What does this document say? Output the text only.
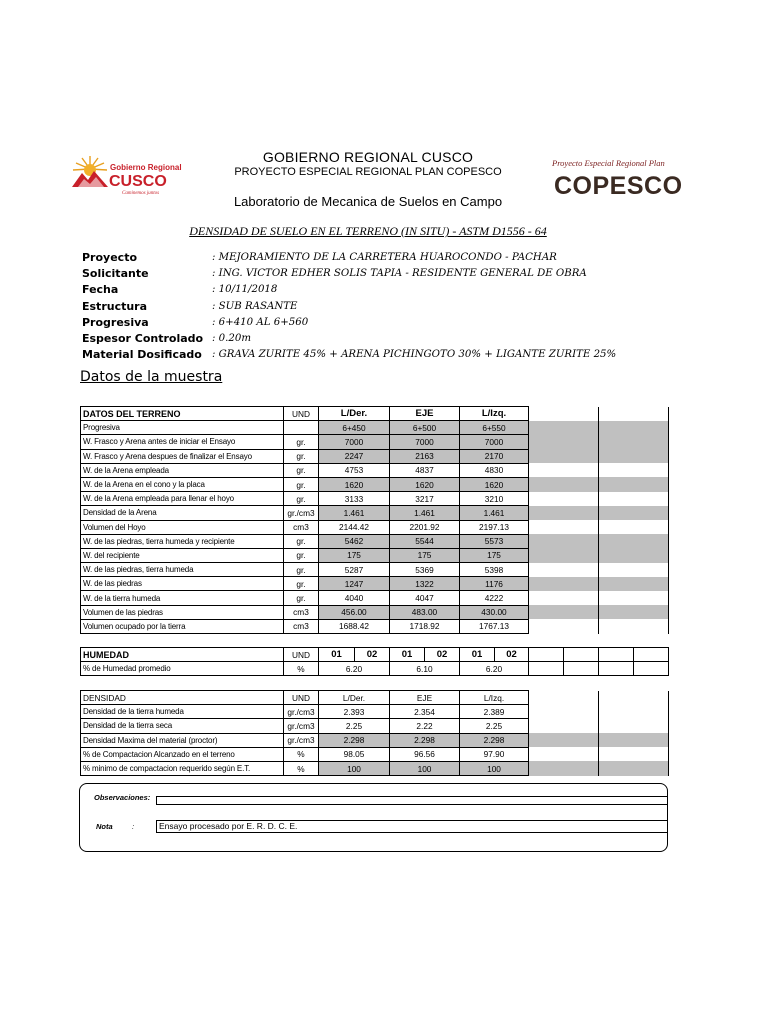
Gobierno Regional
CUSCO
Caminemos juntos
Proyecto Especial Regional Plan
COPESCO
GOBIERNO REGIONAL CUSCO
PROYECTO ESPECIAL REGIONAL PLAN COPESCO
Laboratorio de Mecanica de Suelos en Campo
DENSIDAD DE SUELO EN EL TERRENO (IN SITU) - ASTM D1556 - 64
Proyecto	: MEJORAMIENTO DE LA CARRETERA HUAROCONDO - PACHAR
Solicitante	: ING. VICTOR EDHER SOLIS TAPIA - RESIDENTE GENERAL DE OBRA
Fecha	: 10/11/2018
Estructura	: SUB RASANTE
Progresiva	: 6+410 AL 6+560
Espesor Controlado : 0.20m
Material Dosificado : GRAVA ZURITE 45% + ARENA PICHINGOTO 30% + LIGANTE ZURITE 25%
Datos de la muestra
DATOS DEL TERRENO	UND	L/Der.	EJE	L/Izq.		
Progresiva		6+450	6+500	6+550		
W. Frasco y Arena antes de iniciar el Ensayo	gr.	7000	7000	7000		
W. Frasco y Arena despues de finalizar el Ensayo	gr.	2247	2163	2170		
W. de la Arena empleada	gr.	4753	4837	4830		
W. de la Arena en el cono y la placa	gr.	1620	1620	1620		
W. de la Arena empleada para llenar el hoyo	gr.	3133	3217	3210		
Densidad de la Arena	gr./cm3	1.461	1.461	1.461		
Volumen del Hoyo	cm3	2144.42	2201.92	2197.13		
W. de las piedras, tierra humeda y recipiente	gr.	5462	5544	5573		
W. del recipiente	gr.	175	175	175		
W. de las piedras, tierra humeda	gr.	5287	5369	5398		
W. de las piedras	gr.	1247	1322	1176		
W. de la tierra humeda	gr.	4040	4047	4222		
Volumen de las piedras	cm3	456.00	483.00	430.00		
Volumen ocupado por la tierra	cm3	1688.42	1718.92	1767.13		
HUMEDAD	UND	01	02	01	02	01	02				
% de Humedad promedio	%	6.20		6.10		6.20					
DENSIDAD	UND	L/Der.	EJE	L/Izq.		
Densidad de la tierra humeda	gr./cm3	2.393	2.354	2.389		
Densidad de la tierra seca	gr./cm3	2.25	2.22	2.25		
Densidad Maxima del material (proctor)	gr./cm3	2.298	2.298	2.298		
% de Compactacion Alcanzado en el terreno	%	98.05	96.56	97.90		
% minimo de compactacion requerido según E.T.	%	100	100	100		
Observaciones:
Nota	:	Ensayo procesado por E. R. D. C. E.
